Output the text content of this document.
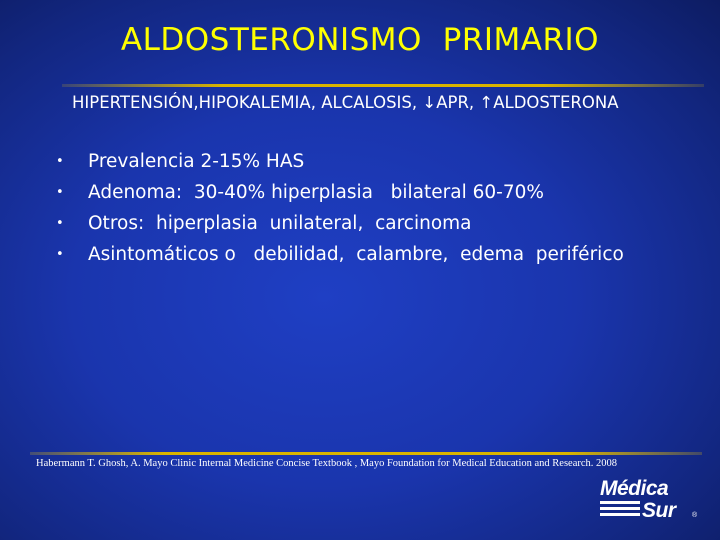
ALDOSTERONISMO  PRIMARIO
HIPERTENSIÓN,HIPOKALEMIA, ALCALOSIS, ↓APR, ↑ALDOSTERONA
• Prevalencia 2-15% HAS
• Adenoma:  30-40% hiperplasia   bilateral 60-70%
• Otros:  hiperplasia  unilateral,  carcinoma
• Asintomáticos o   debilidad,  calambre,  edema  periférico
Habermann T. Ghosh, A. Mayo Clinic Internal Medicine Concise Textbook , Mayo Foundation for Medical Education and Research. 2008
Médica
Sur	®
